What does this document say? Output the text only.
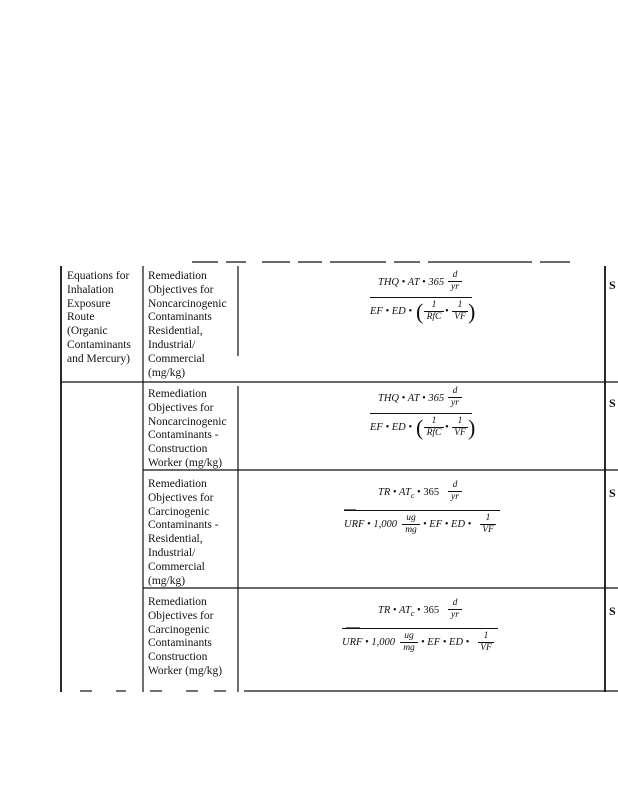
Equations for
Inhalation
Exposure
Route
(Organic
Contaminants
and Mercury)
Remediation
Objectives for
Noncarcinogenic
Contaminants
Residential,
Industrial/
Commercial
(mg/kg)
THQ • AT • $365 \frac{d}{yr}$
EF • ED • ( 1
RfC • $\frac{1}{VF}$ )
S
Remediation
Objectives for
Noncarcinogenic
Contaminants -
Construction
Worker (mg/kg)
THQ • AT • $365 \frac{d}{yr}$
EF • ED • ( 1
RfC • $\frac{1}{VF}$ )
S
Remediation
Objectives for
Carcinogenic
Contaminants -
Residential,
Industrial/
Commercial
(mg/kg)
TR • $AT_c$ • $365 \frac{d}{yr}$
URF • $1,000 \frac{ug}{mg}$ • EF • ED • $\frac{1}{VF}$
S
Remediation
Objectives for
Carcinogenic
Contaminants
Construction
Worker (mg/kg)
TR • $AT_c$ • $365 \frac{d}{yr}$
URF • $1,000 \frac{ug}{mg}$ • EF • ED • $\frac{1}{VF}$
S
